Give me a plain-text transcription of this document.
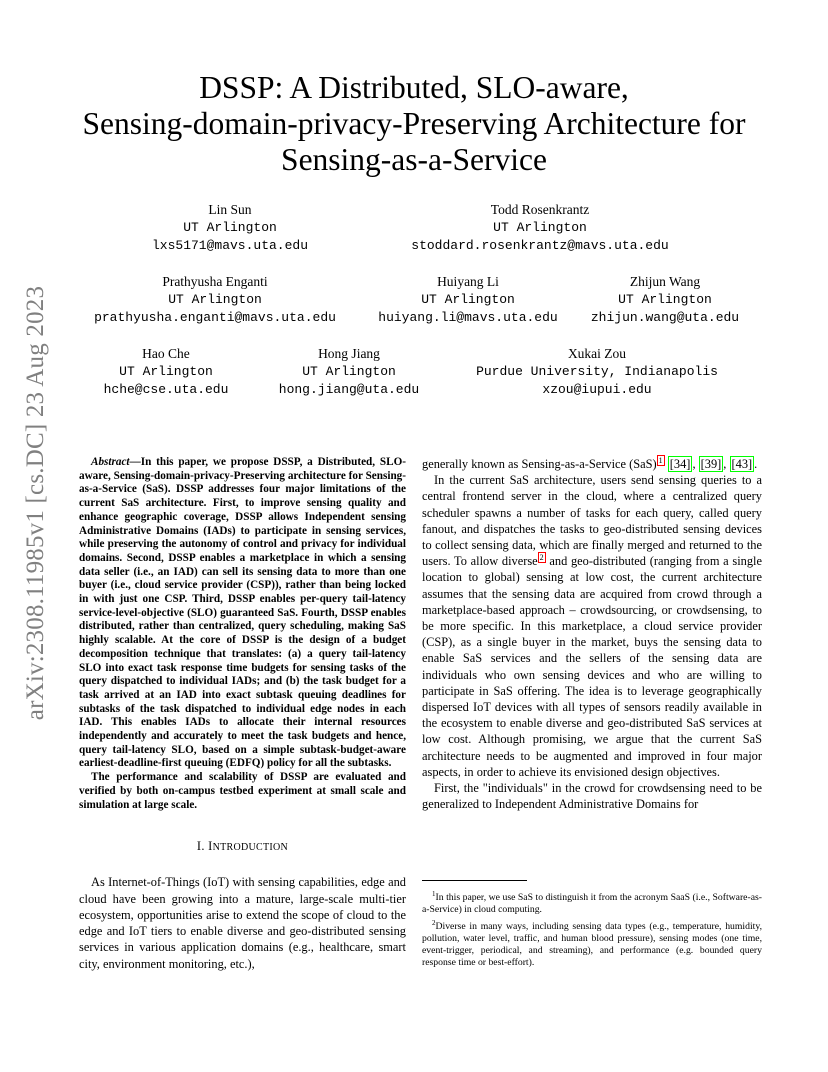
arXiv:2308.11985v1 [cs.DC] 23 Aug 2023
DSSP: A Distributed, SLO-aware,
Sensing-domain-privacy-Preserving Architecture for
Sensing-as-a-Service
Lin Sun
UT Arlington
lxs5171@mavs.uta.edu
Todd Rosenkrantz
UT Arlington
stoddard.rosenkrantz@mavs.uta.edu
Prathyusha Enganti
UT Arlington
prathyusha.enganti@mavs.uta.edu
Huiyang Li
UT Arlington
huiyang.li@mavs.uta.edu
Zhijun Wang
UT Arlington
zhijun.wang@uta.edu
Hao Che
UT Arlington
hche@cse.uta.edu
Hong Jiang
UT Arlington
hong.jiang@uta.edu
Xukai Zou
Purdue University, Indianapolis
xzou@iupui.edu

Abstract—In this paper, we propose DSSP, a Distributed, SLO-aware, Sensing-domain-privacy-Preserving architecture for Sensing-as-a-Service (SaS). DSSP addresses four major limitations of the current SaS architecture. First, to improve sensing quality and enhance geographic coverage, DSSP allows Independent sensing Administrative Domains (IADs) to participate in sensing services, while preserving the autonomy of control and privacy for individual domains. Second, DSSP enables a marketplace in which a sensing data seller (i.e., an IAD) can sell its sensing data to more than one buyer (i.e., cloud service provider (CSP)), rather than being locked in with just one CSP. Third, DSSP enables per-query tail-latency service-level-objective (SLO) guaranteed SaS. Fourth, DSSP enables distributed, rather than centralized, query scheduling, making SaS highly scalable. At the core of DSSP is the design of a budget decomposition technique that translates: (a) a query tail-latency SLO into exact task response time budgets for sensing tasks of the query dispatched to individual IADs; and (b) the task budget for a task arrived at an IAD into exact subtask queuing deadlines for subtasks of the task dispatched to individual edge nodes in each IAD. This enables IADs to allocate their internal resources independently and accurately to meet the task budgets and hence, query tail-latency SLO, based on a simple subtask-budget-aware earliest-deadline-first queuing (EDFQ) policy for all the subtasks.

The performance and scalability of DSSP are evaluated and verified by both on-campus testbed experiment at small scale and simulation at large scale.

I. INTRODUCTION

As Internet-of-Things (IoT) with sensing capabilities, edge and cloud have been growing into a mature, large-scale multi-tier ecosystem, opportunities arise to extend the scope of cloud to the edge and IoT tiers to enable diverse and geo-distributed sensing services in various application domains (e.g., healthcare, smart city, environment monitoring, etc.),

generally known as Sensing-as-a-Service (SaS) $^1$ [34] , [39] , [43] .

In the current SaS architecture, users send sensing queries to a central frontend server in the cloud, where a centralized query scheduler spawns a number of tasks for each query, called query fanout, and dispatches the tasks to geo-distributed sensing devices to collect sensing data, which are finally merged and returned to the users. To allow diverse $^2$ and geo-distributed (ranging from a single location to global) sensing at low cost, the current architecture assumes that the sensing data are acquired from crowd through a marketplace-based approach – crowdsourcing, or crowdsensing, to be more specific. In this marketplace, a cloud service provider (CSP), as a single buyer in the market, buys the sensing data to enable SaS services and the sellers of the sensing data are individuals who own sensing devices and who are willing to participate in SaS offering. The idea is to leverage geographically dispersed IoT devices with all types of sensors readily available in the ecosystem to enable diverse and geo-distributed SaS services at low cost. Although promising, we argue that the current SaS architecture needs to be augmented and improved in four major aspects, in order to achieve its envisioned design objectives.

First, the "individuals" in the crowd for crowdsensing need to be generalized to Independent Administrative Domains for

$^1$In this paper, we use SaS to distinguish it from the acronym SaaS (i.e., Software-as-a-Service) in cloud computing.

$^2$Diverse in many ways, including sensing data types (e.g., temperature, humidity, pollution, water level, traffic, and human blood pressure), sensing modes (one time, event-trigger, periodical, and streaming), and performance (e.g. bounded query response time or best-effort).
